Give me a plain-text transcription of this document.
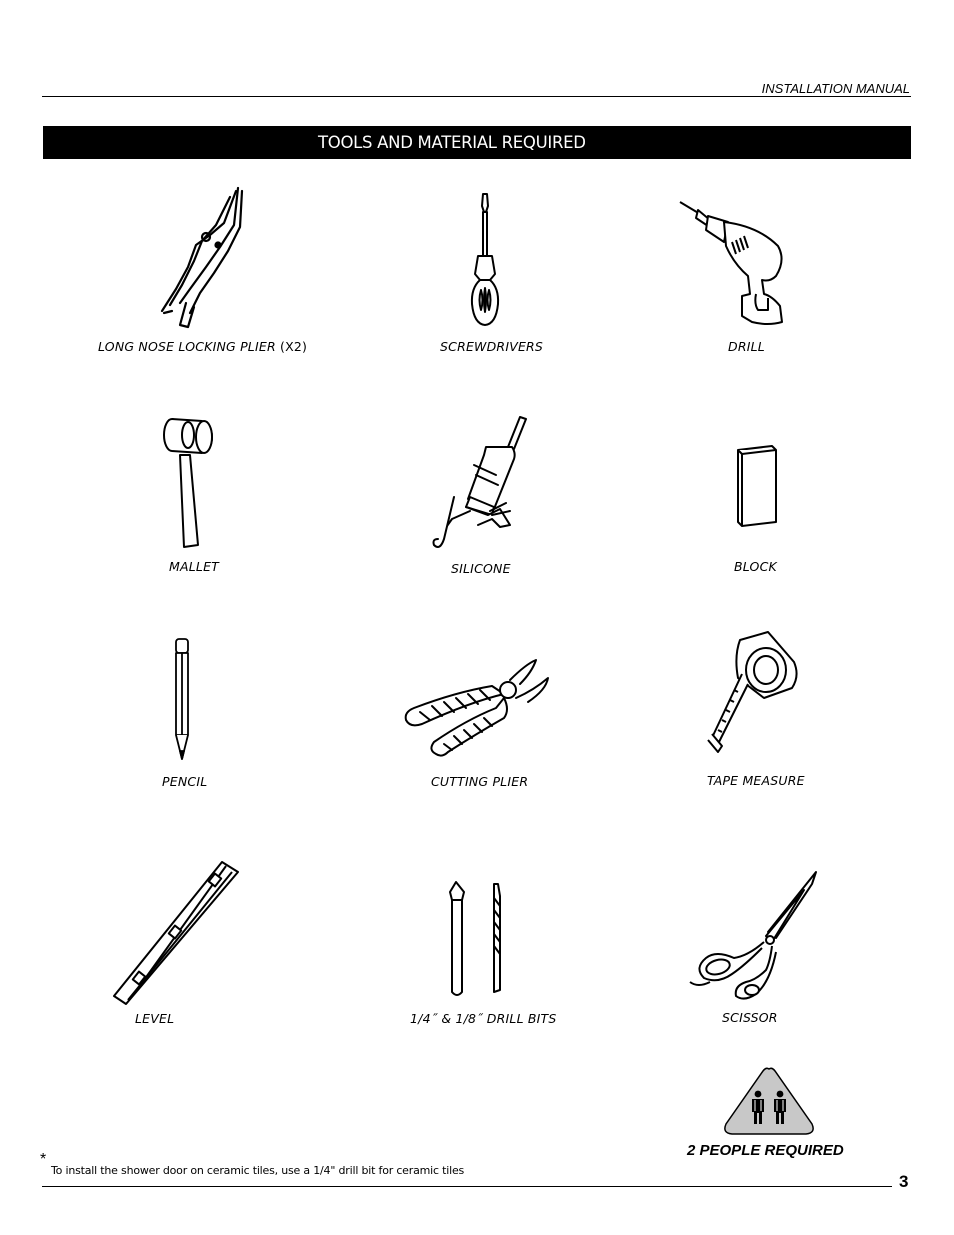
INSTALLATION MANUAL
TOOLS AND MATERIAL REQUIRED
LONG NOSE LOCKING PLIER (X2)	SCREWDRIVERS	DRILL
MALLET	SILICONE	BLOCK
PENCIL	CUTTING PLIER	TAPE MEASURE
LEVEL	1/4˝ & 1/8˝ DRILL BITS	SCISSOR
2 PEOPLE REQUIRED
*
To install the shower door on ceramic tiles, use a 1/4" drill bit for ceramic tiles
3
